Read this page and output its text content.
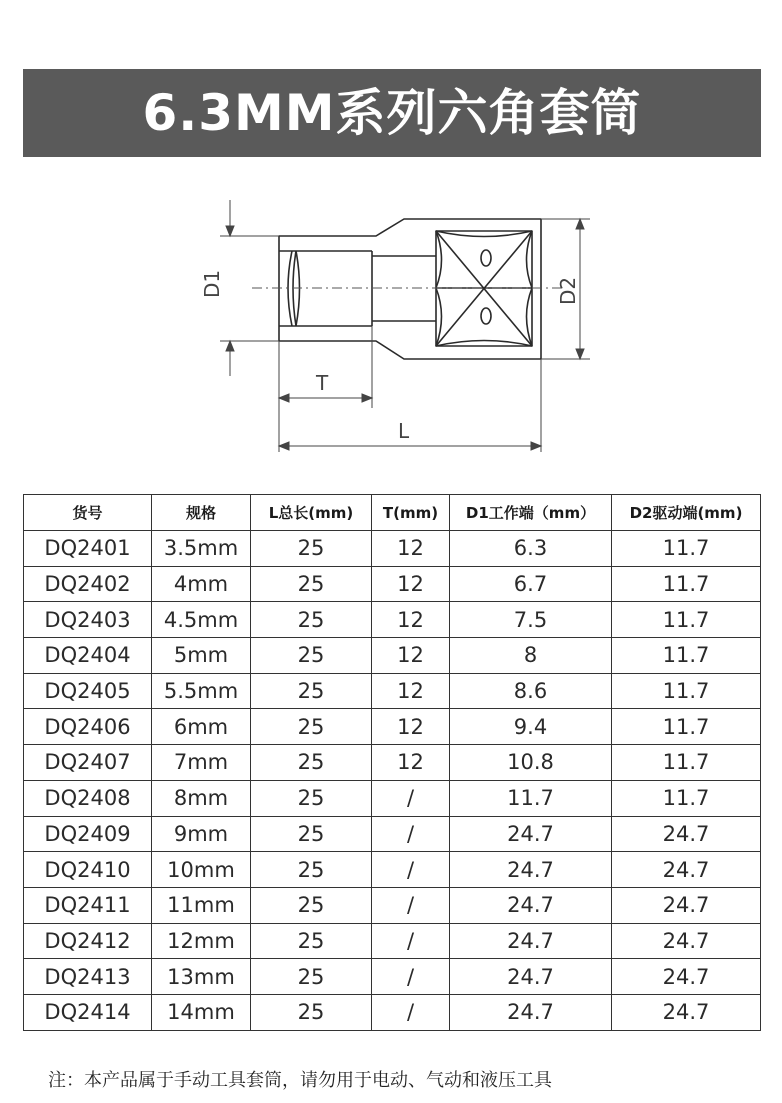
6.3MM系列六角套筒
D1	D2
T
L
货号	规格	L总长(mm)	T(mm)	D1工作端（mm）	D2驱动端(mm)
DQ2401	3.5mm	25	12	6.3	11.7
DQ2402	4mm	25	12	6.7	11.7
DQ2403	4.5mm	25	12	7.5	11.7
DQ2404	5mm	25	12	8	11.7
DQ2405	5.5mm	25	12	8.6	11.7
DQ2406	6mm	25	12	9.4	11.7
DQ2407	7mm	25	12	10.8	11.7
DQ2408	8mm	25	/	11.7	11.7
DQ2409	9mm	25	/	24.7	24.7
DQ2410	10mm	25	/	24.7	24.7
DQ2411	11mm	25	/	24.7	24.7
DQ2412	12mm	25	/	24.7	24.7
DQ2413	13mm	25	/	24.7	24.7
DQ2414	14mm	25	/	24.7	24.7
注：本产品属于手动工具套筒，请勿用于电动、气动和液压工具
